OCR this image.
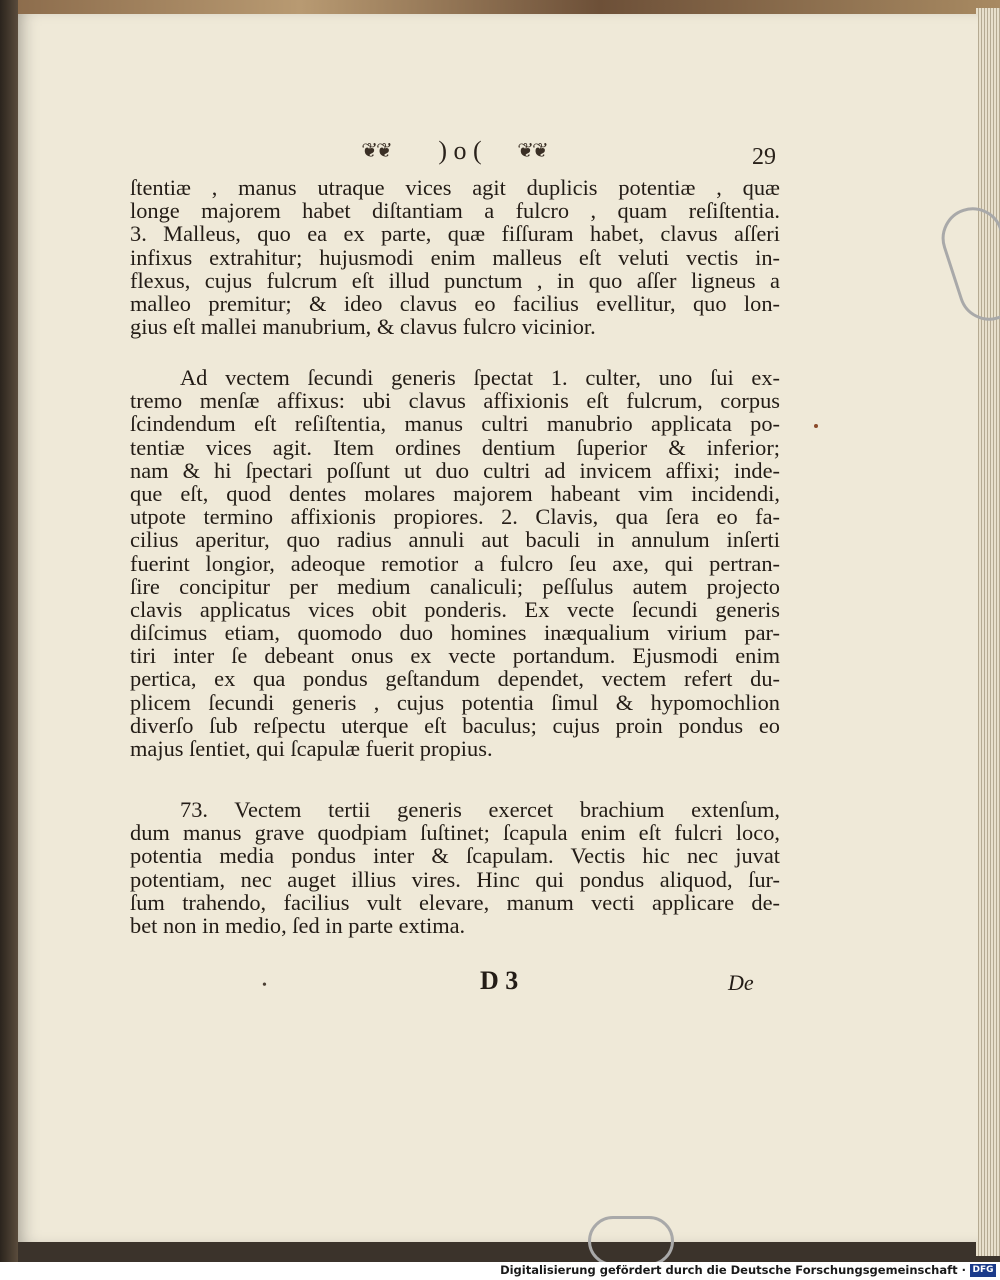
❦❦	) o (	❦❦	29
ſtentiæ , manus utraque vices agit duplicis potentiæ , quæ
longe majorem habet diſtantiam a fulcro , quam reſiſtentia.
3. Malleus, quo ea ex parte, quæ fiſſuram habet, clavus aſſeri
infixus extrahitur; hujusmodi enim malleus eſt veluti vectis in-
flexus, cujus fulcrum eſt illud punctum , in quo aſſer ligneus a
malleo premitur; & ideo clavus eo facilius evellitur, quo lon-
gius eſt mallei manubrium, & clavus fulcro vicinior.
Ad vectem ſecundi generis ſpectat 1. culter, uno ſui ex-
tremo menſæ affixus: ubi clavus affixionis eſt fulcrum, corpus
ſcindendum eſt reſiſtentia, manus cultri manubrio applicata po-
tentiæ vices agit. Item ordines dentium ſuperior & inferior;
nam & hi ſpectari poſſunt ut duo cultri ad invicem affixi; inde-
que eſt, quod dentes molares majorem habeant vim incidendi,
utpote termino affixionis propiores. 2. Clavis, qua ſera eo fa-
cilius aperitur, quo radius annuli aut baculi in annulum inſerti
fuerint longior, adeoque remotior a fulcro ſeu axe, qui pertran-
ſire concipitur per medium canaliculi; peſſulus autem projecto
clavis applicatus vices obit ponderis. Ex vecte ſecundi generis
diſcimus etiam, quomodo duo homines inæqualium virium par-
tiri inter ſe debeant onus ex vecte portandum. Ejusmodi enim
pertica, ex qua pondus geſtandum dependet, vectem refert du-
plicem ſecundi generis , cujus potentia ſimul & hypomochlion
diverſo ſub reſpectu uterque eſt baculus; cujus proin pondus eo
majus ſentiet, qui ſcapulæ fuerit propius.
73. Vectem tertii generis exercet brachium extenſum,
dum manus grave quodpiam ſuſtinet; ſcapula enim eſt fulcri loco,
potentia media pondus inter & ſcapulam. Vectis hic nec juvat
potentiam, nec auget illius vires. Hinc qui pondus aliquod, ſur-
ſum trahendo, facilius vult elevare, manum vecti applicare de-
bet non in medio, ſed in parte extima.
•	D 3	De
Digitalisierung gefördert durch die Deutsche Forschungsgemeinschaft · DFG
